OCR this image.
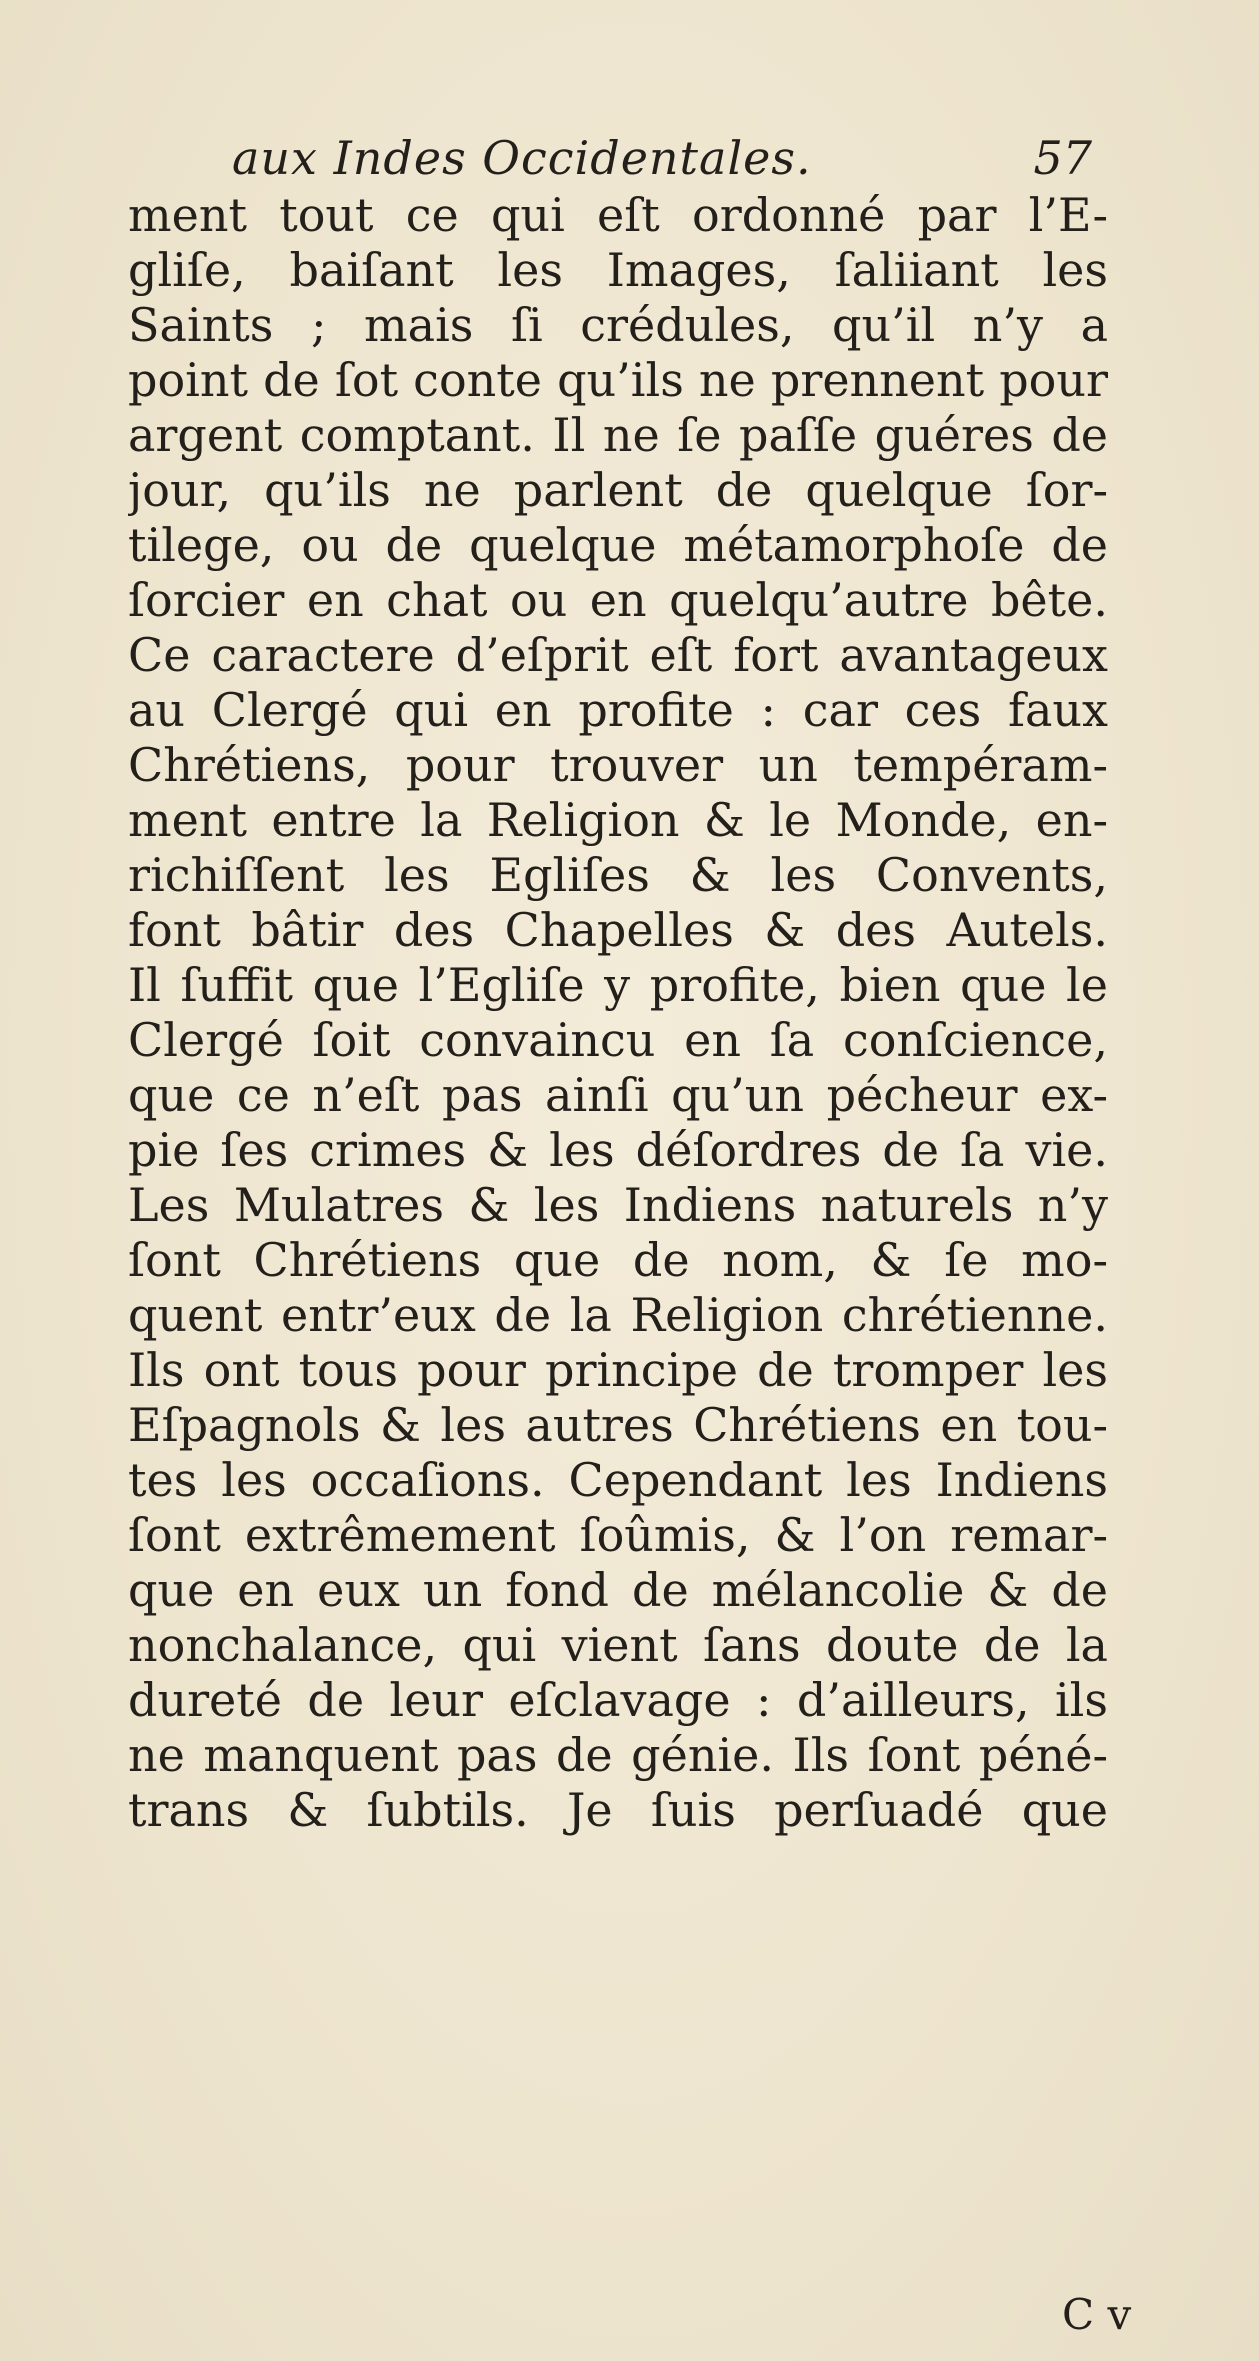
aux Indes Occidentales.	57
ment tout ce qui eſt ordonné par l’E-
gliſe, baiſant les Images, ſaliiant les
Saints ; mais ſi crédules, qu’il n’y a
point de ſot conte qu’ils ne prennent pour
argent comptant. Il ne ſe paſſe guéres de
jour, qu’ils ne parlent de quelque ſor-
tilege, ou de quelque métamorphoſe de
ſorcier en chat ou en quelqu’autre bête.
Ce caractere d’eſprit eſt fort avantageux
au Clergé qui en profite : car ces faux
Chrétiens, pour trouver un tempéram-
ment entre la Religion & le Monde, en-
richiſſent les Egliſes & les Convents,
font bâtir des Chapelles & des Autels.
Il ſuffit que l’Egliſe y profite, bien que le
Clergé ſoit convaincu en ſa conſcience,
que ce n’eſt pas ainſi qu’un pécheur ex-
pie ſes crimes & les déſordres de ſa vie.
Les Mulatres & les Indiens naturels n’y
ſont Chrétiens que de nom, & ſe mo-
quent entr’eux de la Religion chrétienne.
Ils ont tous pour principe de tromper les
Eſpagnols & les autres Chrétiens en tou-
tes les occaſions. Cependant les Indiens
ſont extrêmement ſoûmis, & l’on remar-
que en eux un fond de mélancolie & de
nonchalance, qui vient ſans doute de la
dureté de leur eſclavage : d’ailleurs, ils
ne manquent pas de génie. Ils ſont péné-
trans & ſubtils. Je ſuis perſuadé que
C v
